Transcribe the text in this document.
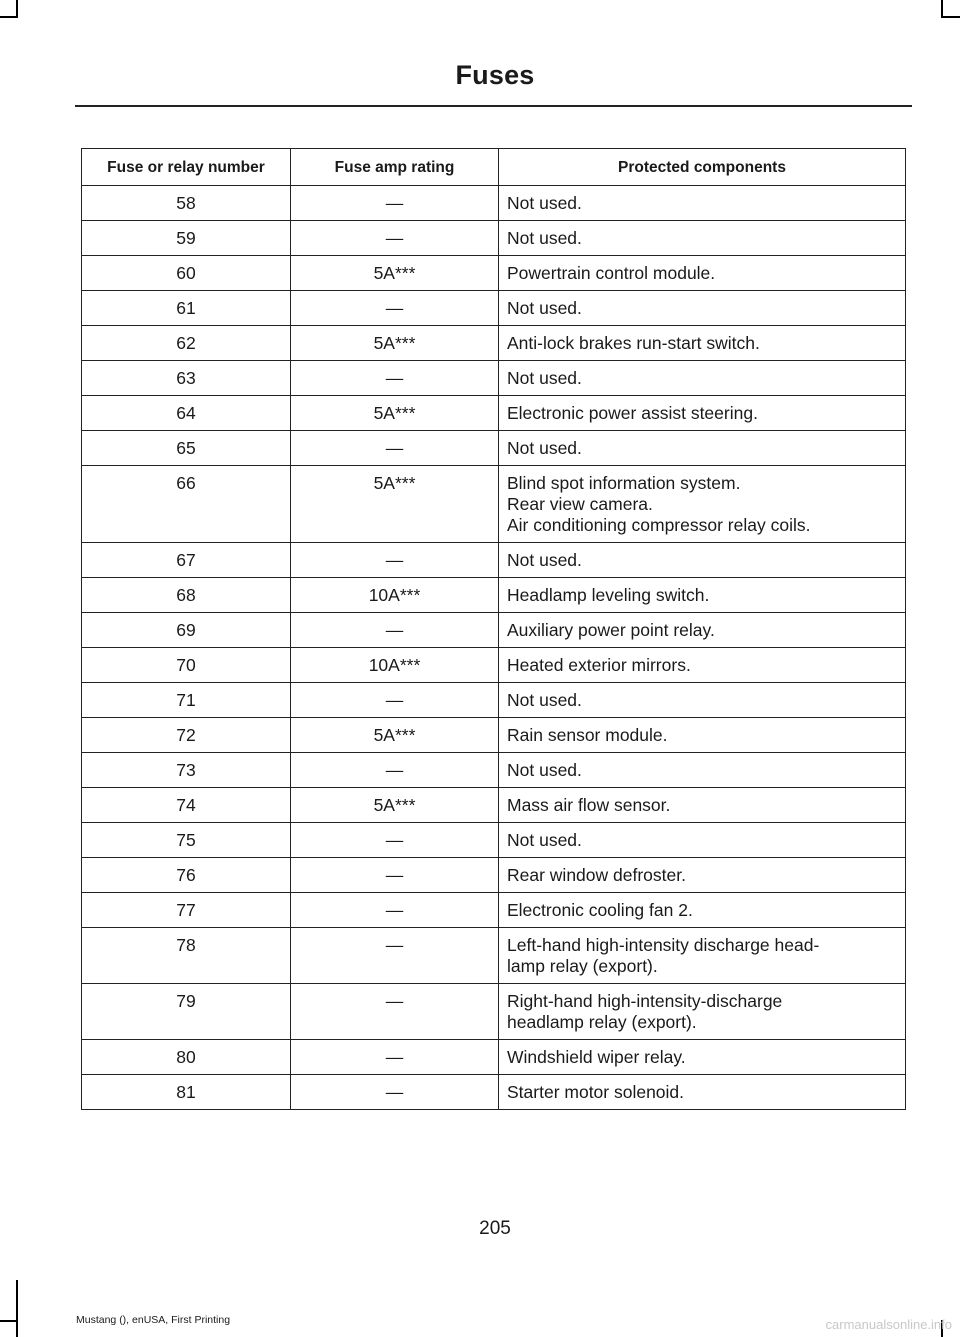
Fuses
Fuse or relay number	Fuse amp rating	Protected components
58	—	Not used.

59	—	Not used.

60	5A***	Powertrain control module.

61	—	Not used.

62	5A***	Anti-lock brakes run-start switch.

63	—	Not used.

64	5A***	Electronic power assist steering.

65	—	Not used.

66	5A***	Blind spot information system.
Rear view camera.
Air conditioning compressor relay coils.

67	—	Not used.

68	10A***	Headlamp leveling switch.

69	—	Auxiliary power point relay.

70	10A***	Heated exterior mirrors.

71	—	Not used.

72	5A***	Rain sensor module.

73	—	Not used.

74	5A***	Mass air flow sensor.

75	—	Not used.

76	—	Rear window defroster.

77	—	Electronic cooling fan 2.

78	—	Left-hand high-intensity discharge head-
lamp relay (export).

79	—	Right-hand high-intensity-discharge
headlamp relay (export).

80	—	Windshield wiper relay.

81	—	Starter motor solenoid.
205
Mustang (), enUSA, First Printing	carmanualsonline.info
